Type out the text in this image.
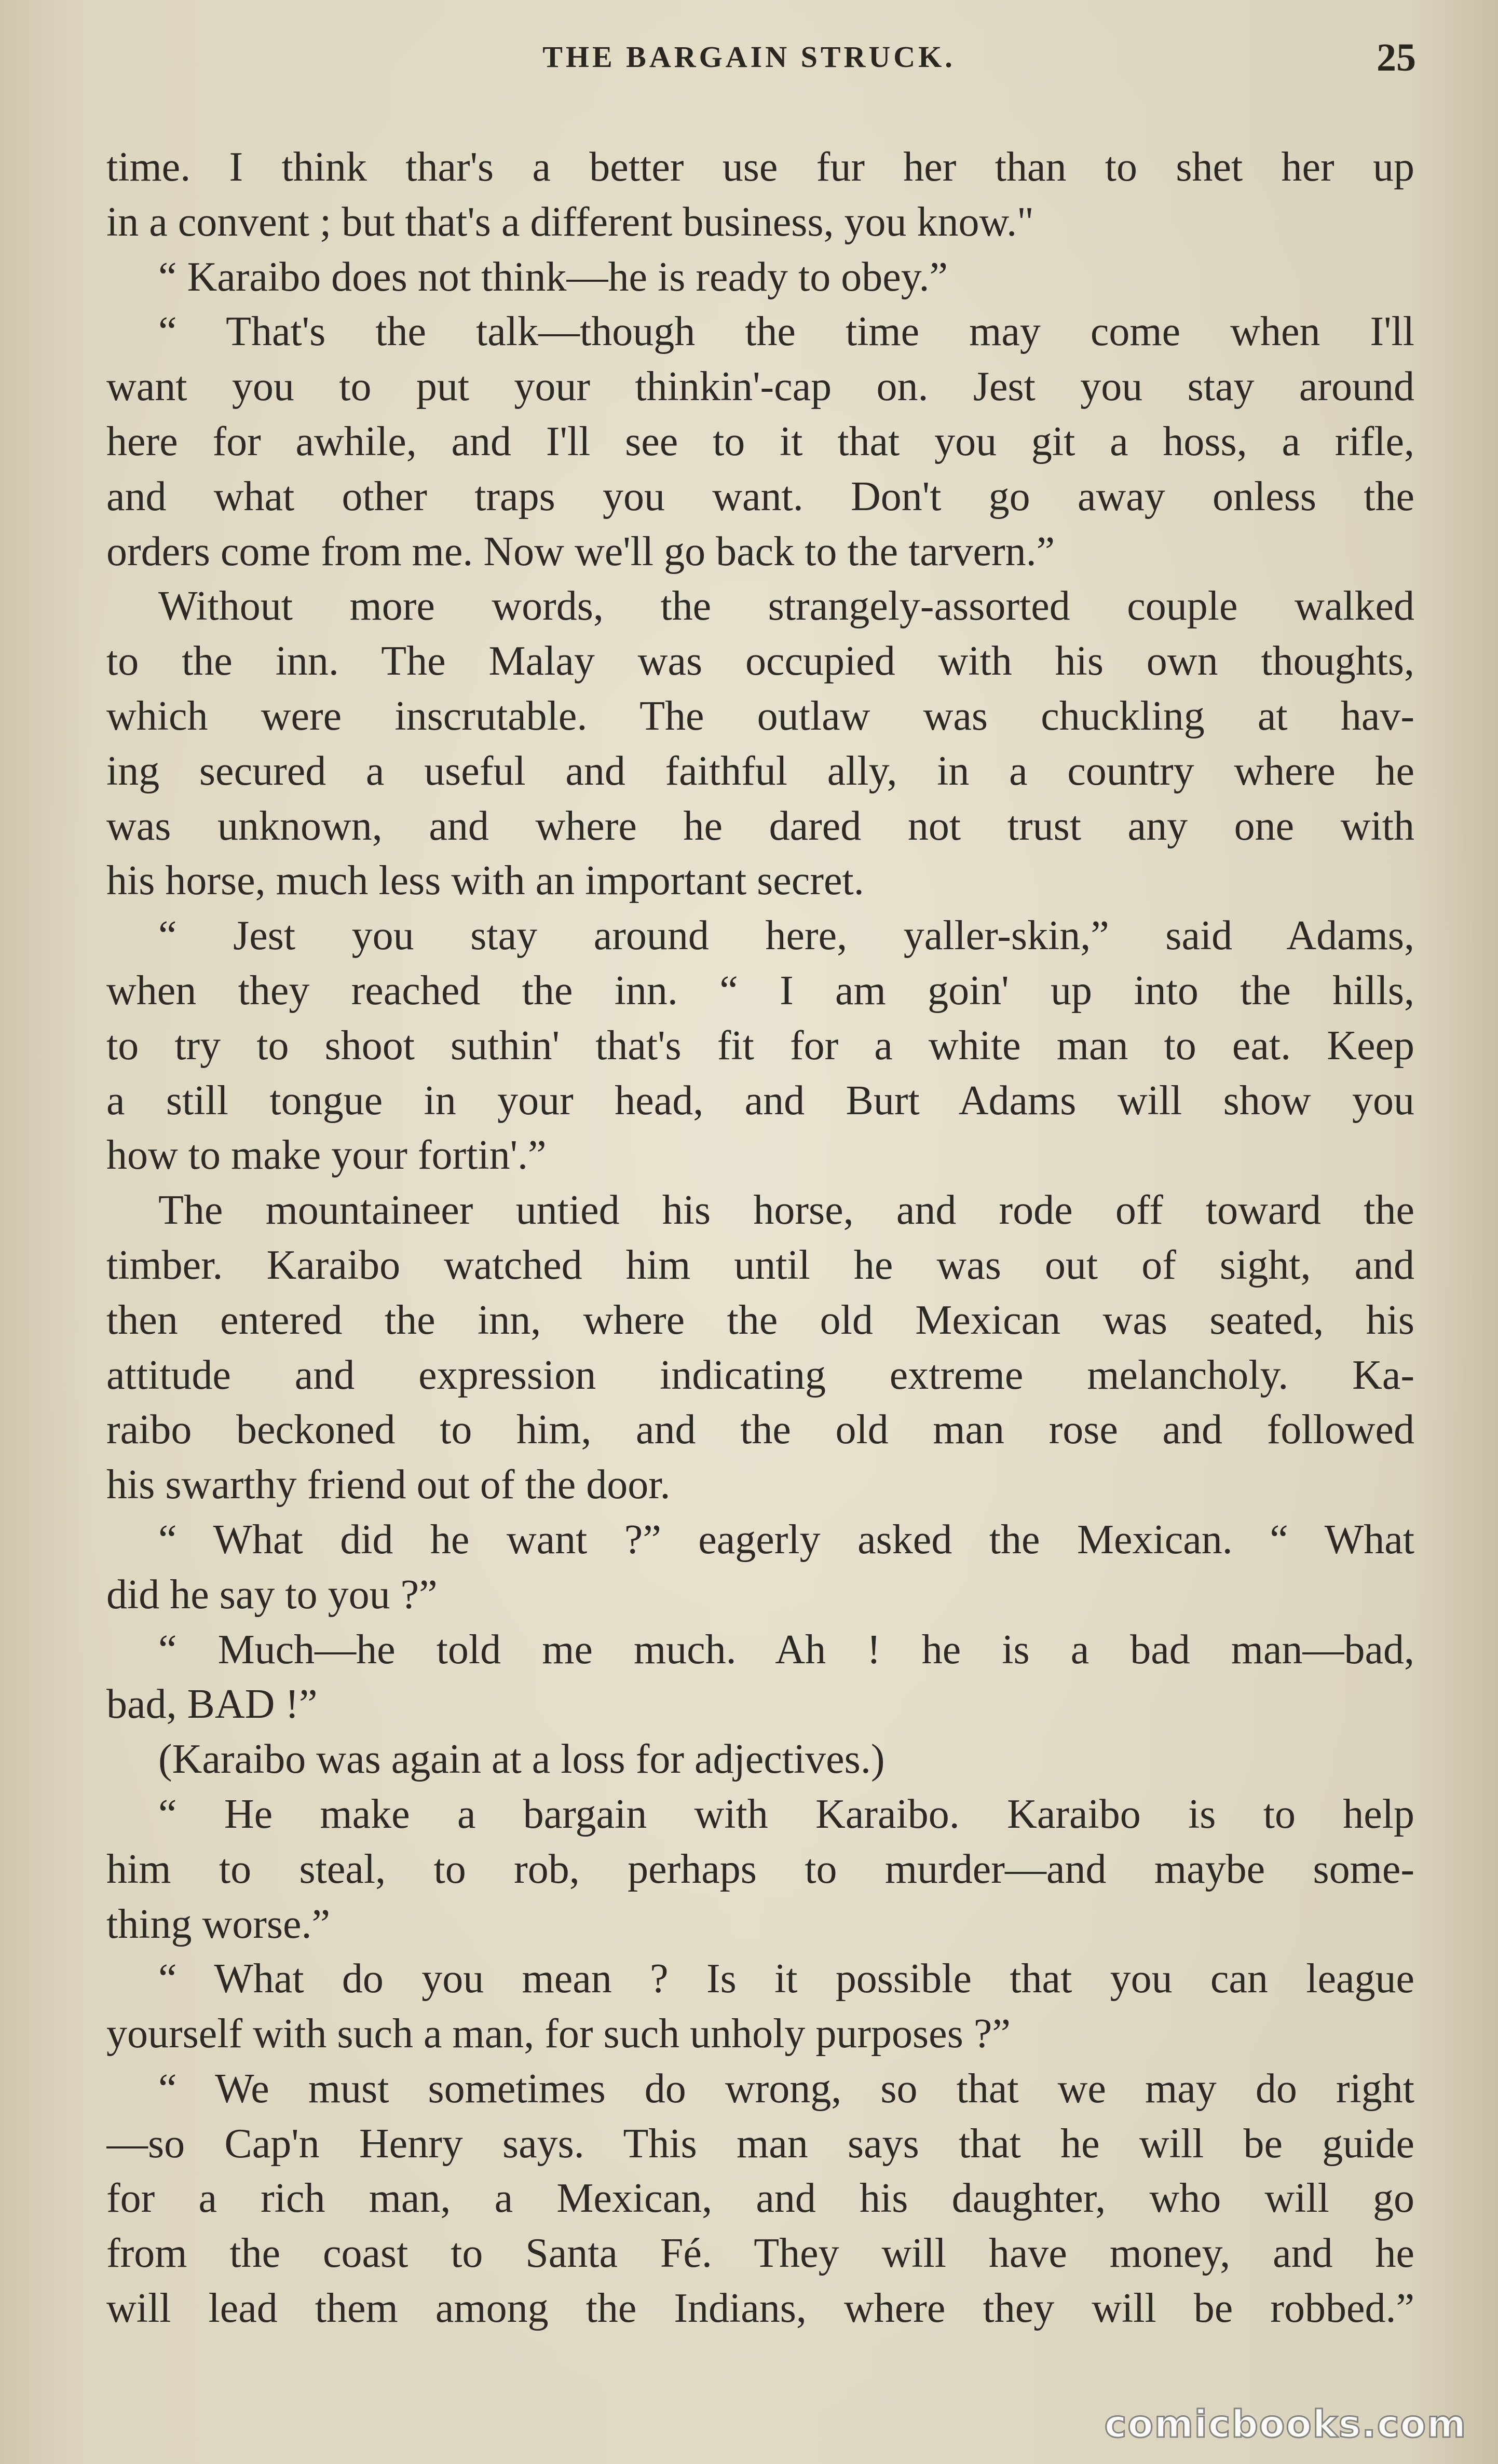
THE BARGAIN STRUCK.	25
time. I think thar's a better use fur her than to shet her up
in a convent ; but that's a different business, you know."
“ Karaibo does not think—he is ready to obey.”
“ That's the talk—though the time may come when I'll
want you to put your thinkin'-cap on. Jest you stay around
here for awhile, and I'll see to it that you git a hoss, a rifle,
and what other traps you want. Don't go away onless the
orders come from me. Now we'll go back to the tarvern.”
Without more words, the strangely-assorted couple walked
to the inn. The Malay was occupied with his own thoughts,
which were inscrutable. The outlaw was chuckling at hav-
ing secured a useful and faithful ally, in a country where he
was unknown, and where he dared not trust any one with
his horse, much less with an important secret.
“ Jest you stay around here, yaller-skin,” said Adams,
when they reached the inn. “ I am goin' up into the hills,
to try to shoot suthin' that's fit for a white man to eat. Keep
a still tongue in your head, and Burt Adams will show you
how to make your fortin'.”
The mountaineer untied his horse, and rode off toward the
timber. Karaibo watched him until he was out of sight, and
then entered the inn, where the old Mexican was seated, his
attitude and expression indicating extreme melancholy. Ka-
raibo beckoned to him, and the old man rose and followed
his swarthy friend out of the door.
“ What did he want ?” eagerly asked the Mexican. “ What
did he say to you ?”
“ Much—he told me much. Ah ! he is a bad man—bad,
bad, BAD !”
(Karaibo was again at a loss for adjectives.)
“ He make a bargain with Karaibo. Karaibo is to help
him to steal, to rob, perhaps to murder—and maybe some-
thing worse.”
“ What do you mean ? Is it possible that you can league
yourself with such a man, for such unholy purposes ?”
“ We must sometimes do wrong, so that we may do right
—so Cap'n Henry says. This man says that he will be guide
for a rich man, a Mexican, and his daughter, who will go
from the coast to Santa Fé. They will have money, and he
will lead them among the Indians, where they will be robbed.”
comicbooks.com
